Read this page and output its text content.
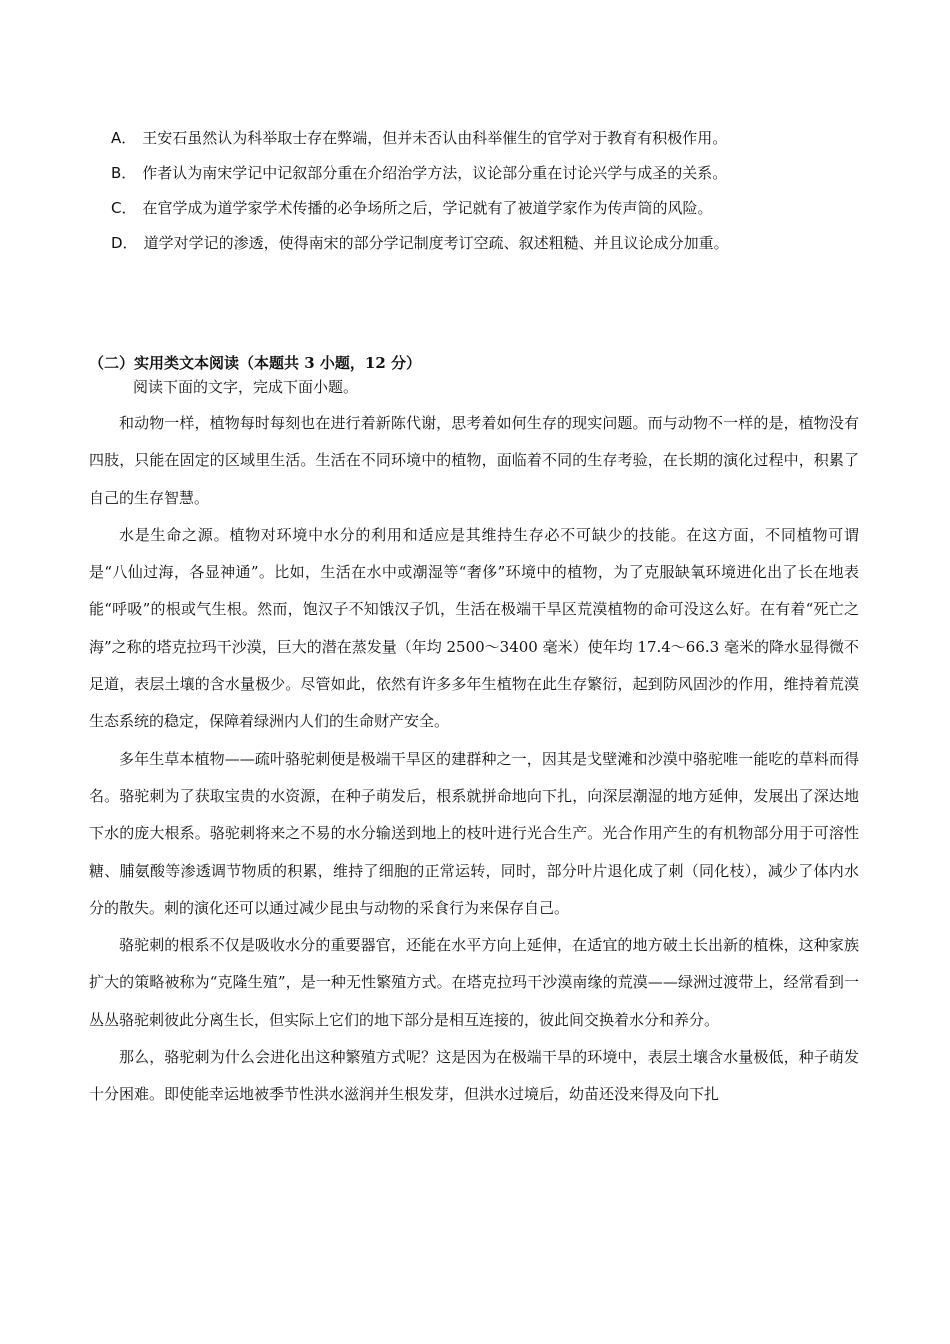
A． 王安石虽然认为科举取士存在弊端，但并未否认由科举催生的官学对于教育有积极作用。
B． 作者认为南宋学记中记叙部分重在介绍治学方法，议论部分重在讨论兴学与成圣的关系。
C． 在官学成为道学家学术传播的必争场所之后，学记就有了被道学家作为传声筒的风险。
D． 道学对学记的渗透，使得南宋的部分学记制度考订空疏、叙述粗糙、并且议论成分加重。
（二）实用类文本阅读（本题共 3 小题，12 分）
阅读下面的文字，完成下面小题。

和动物一样，植物每时每刻也在进行着新陈代谢，思考着如何生存的现实问题。而与动物不一样的是，植物没有四肢，只能在固定的区域里生活。生活在不同环境中的植物，面临着不同的生存考验，在长期的演化过程中，积累了自己的生存智慧。

水是生命之源。植物对环境中水分的利用和适应是其维持生存必不可缺少的技能。在这方面，不同植物可谓是“八仙过海，各显神通”。比如，生活在水中或潮湿等“奢侈”环境中的植物，为了克服缺氧环境进化出了长在地表能“呼吸”的根或气生根。然而，饱汉子不知饿汉子饥，生活在极端干旱区荒漠植物的命可没这么好。在有着“死亡之海”之称的塔克拉玛干沙漠，巨大的潜在蒸发量（年均 2500～3400 毫米）使年均 17.4～66.3 毫米的降水显得微不足道，表层土壤的含水量极少。尽管如此，依然有许多多年生植物在此生存繁衍，起到防风固沙的作用，维持着荒漠生态系统的稳定，保障着绿洲内人们的生命财产安全。

多年生草本植物——疏叶骆驼刺便是极端干旱区的建群种之一，因其是戈壁滩和沙漠中骆驼唯一能吃的草料而得名。骆驼刺为了获取宝贵的水资源，在种子萌发后，根系就拼命地向下扎，向深层潮湿的地方延伸，发展出了深达地下水的庞大根系。骆驼刺将来之不易的水分输送到地上的枝叶进行光合生产。光合作用产生的有机物部分用于可溶性糖、脯氨酸等渗透调节物质的积累，维持了细胞的正常运转，同时，部分叶片退化成了刺（同化枝），减少了体内水分的散失。刺的演化还可以通过减少昆虫与动物的采食行为来保存自己。

骆驼刺的根系不仅是吸收水分的重要器官，还能在水平方向上延伸，在适宜的地方破土长出新的植株，这种家族扩大的策略被称为“克隆生殖”，是一种无性繁殖方式。在塔克拉玛干沙漠南缘的荒漠——绿洲过渡带上，经常看到一丛丛骆驼刺彼此分离生长，但实际上它们的地下部分是相互连接的，彼此间交换着水分和养分。

那么，骆驼刺为什么会进化出这种繁殖方式呢？这是因为在极端干旱的环境中，表层土壤含水量极低，种子萌发十分困难。即使能幸运地被季节性洪水滋润并生根发芽，但洪水过境后，幼苗还没来得及向下扎
